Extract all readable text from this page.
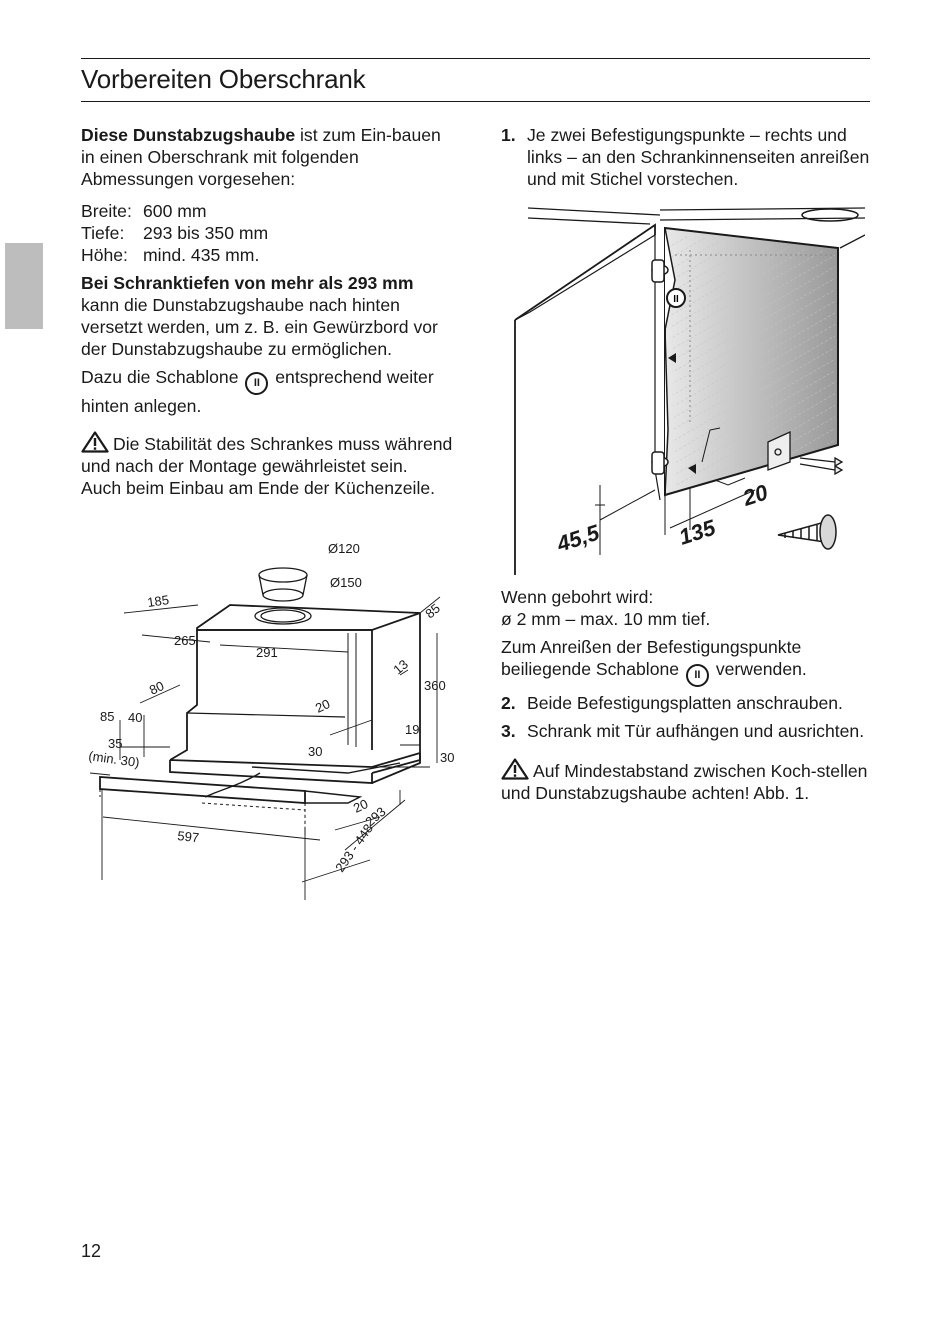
Vorbereiten Oberschrank

Diese Dunstabzugshaube ist zum Ein-bauen in einen Oberschrank mit folgenden Abmessungen vorgesehen:

Breite: 600 mm
Tiefe:	293 bis 350 mm
Höhe: mind. 435 mm.

Bei Schranktiefen von mehr als 293 mm kann die Dunstabzugshaube nach hinten versetzt werden, um z. B. ein Gewürzbord vor der Dunstabzugshaube zu ermöglichen.

Dazu die Schablone II entsprechend weiter hinten anlegen.

Die Stabilität des Schrankes muss während und nach der Montage gewährleistet sein.
Auch beim Einbau am Ende der Küchenzeile.

1. Je zwei Befestigungspunkte – rechts und links – an den Schrankinnenseiten anreißen und mit Stichel vorstechen.

Wenn gebohrt wird:

ø 2 mm – max. 10 mm tief.

Zum Anreißen der Befestigungspunkte beiliegende Schablone II verwenden.

2. Beide Befestigungsplatten anschrauben.
3. Schrank mit Tür aufhängen und ausrichten.

Auf Mindestabstand zwischen Koch-stellen und Dunstabzugshaube achten! Abb. 1.

Ø120
Ø150
185	85
265
291
13
360
80
20
85 40
19
35
(min. 30)	30	30
20
293
597	293 - 448
II
45,5	135
20
12
